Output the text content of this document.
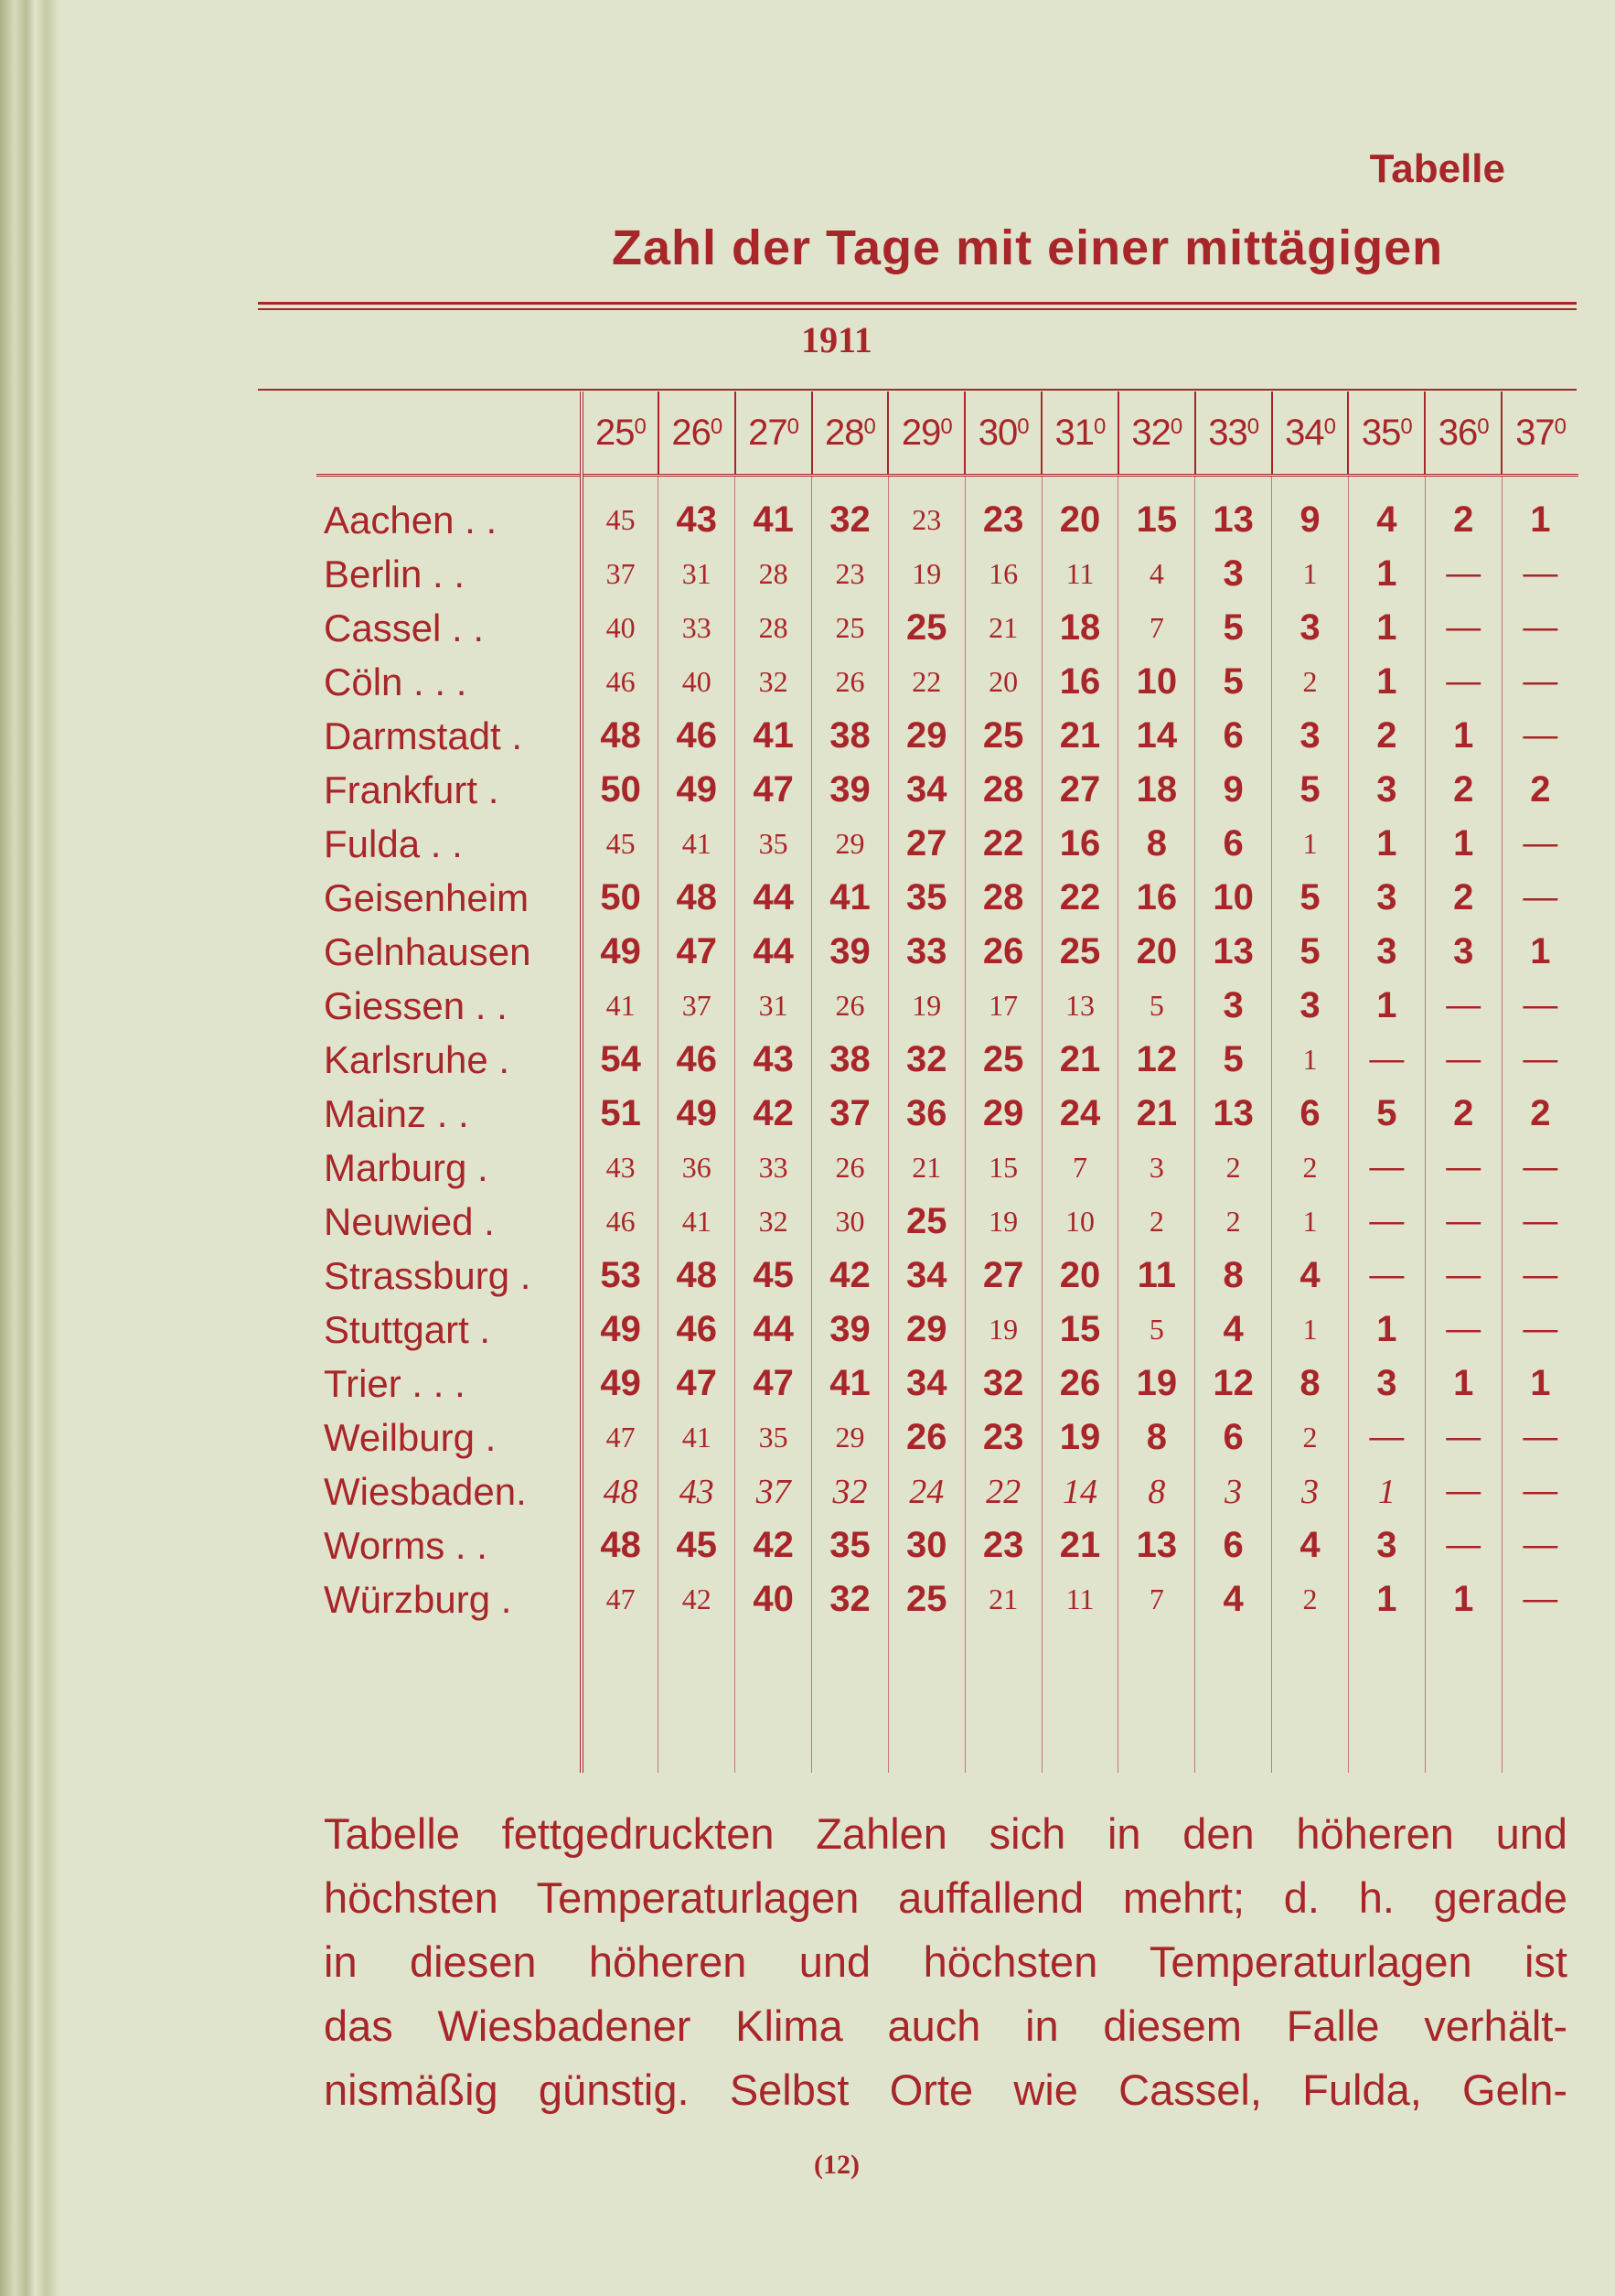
Tabelle
Zahl der Tage mit einer mittägigen
1911
	$25^0$	$26^0$	$27^0$	$28^0$	$29^0$	$30^0$	$31^0$	$32^0$	$33^0$	$34^0$	$35^0$	$36^0$	$37^0$
Aachen . .	45	43	41	32	23	23	20	15	13	9	4	2	1
Berlin . .	37	31	28	23	19	16	11	4	3	1	1	—	—
Cassel . .	40	33	28	25	25	21	18	7	5	3	1	—	—
Cöln . . .	46	40	32	26	22	20	16	10	5	2	1	—	—
Darmstadt .	48	46	41	38	29	25	21	14	6	3	2	1	—
Frankfurt .	50	49	47	39	34	28	27	18	9	5	3	2	2
Fulda . .	45	41	35	29	27	22	16	8	6	1	1	1	—
Geisenheim	50	48	44	41	35	28	22	16	10	5	3	2	—
Gelnhausen	49	47	44	39	33	26	25	20	13	5	3	3	1
Giessen . .	41	37	31	26	19	17	13	5	3	3	1	—	—
Karlsruhe .	54	46	43	38	32	25	21	12	5	1	—	—	—
Mainz . .	51	49	42	37	36	29	24	21	13	6	5	2	2
Marburg .	43	36	33	26	21	15	7	3	2	2	—	—	—
Neuwied .	46	41	32	30	25	19	10	2	2	1	—	—	—
Strassburg .	53	48	45	42	34	27	20	11	8	4	—	—	—
Stuttgart .	49	46	44	39	29	19	15	5	4	1	1	—	—
Trier . . .	49	47	47	41	34	32	26	19	12	8	3	1	1
Weilburg .	47	41	35	29	26	23	19	8	6	2	—	—	—
Wiesbaden.	48	43	37	32	24	22	14	8	3	3	1	—	—
Worms . .	48	45	42	35	30	23	21	13	6	4	3	—	—
Würzburg .	47	42	40	32	25	21	11	7	4	2	1	1	—

Tabelle fettgedruckten Zahlen sich in den höheren und
höchsten Temperaturlagen auffallend mehrt; d. h. gerade
in diesen höheren und höchsten Temperaturlagen ist
das Wiesbadener Klima auch in diesem Falle verhält-
nismäßig günstig. Selbst Orte wie Cassel, Fulda, Geln-
(12)
